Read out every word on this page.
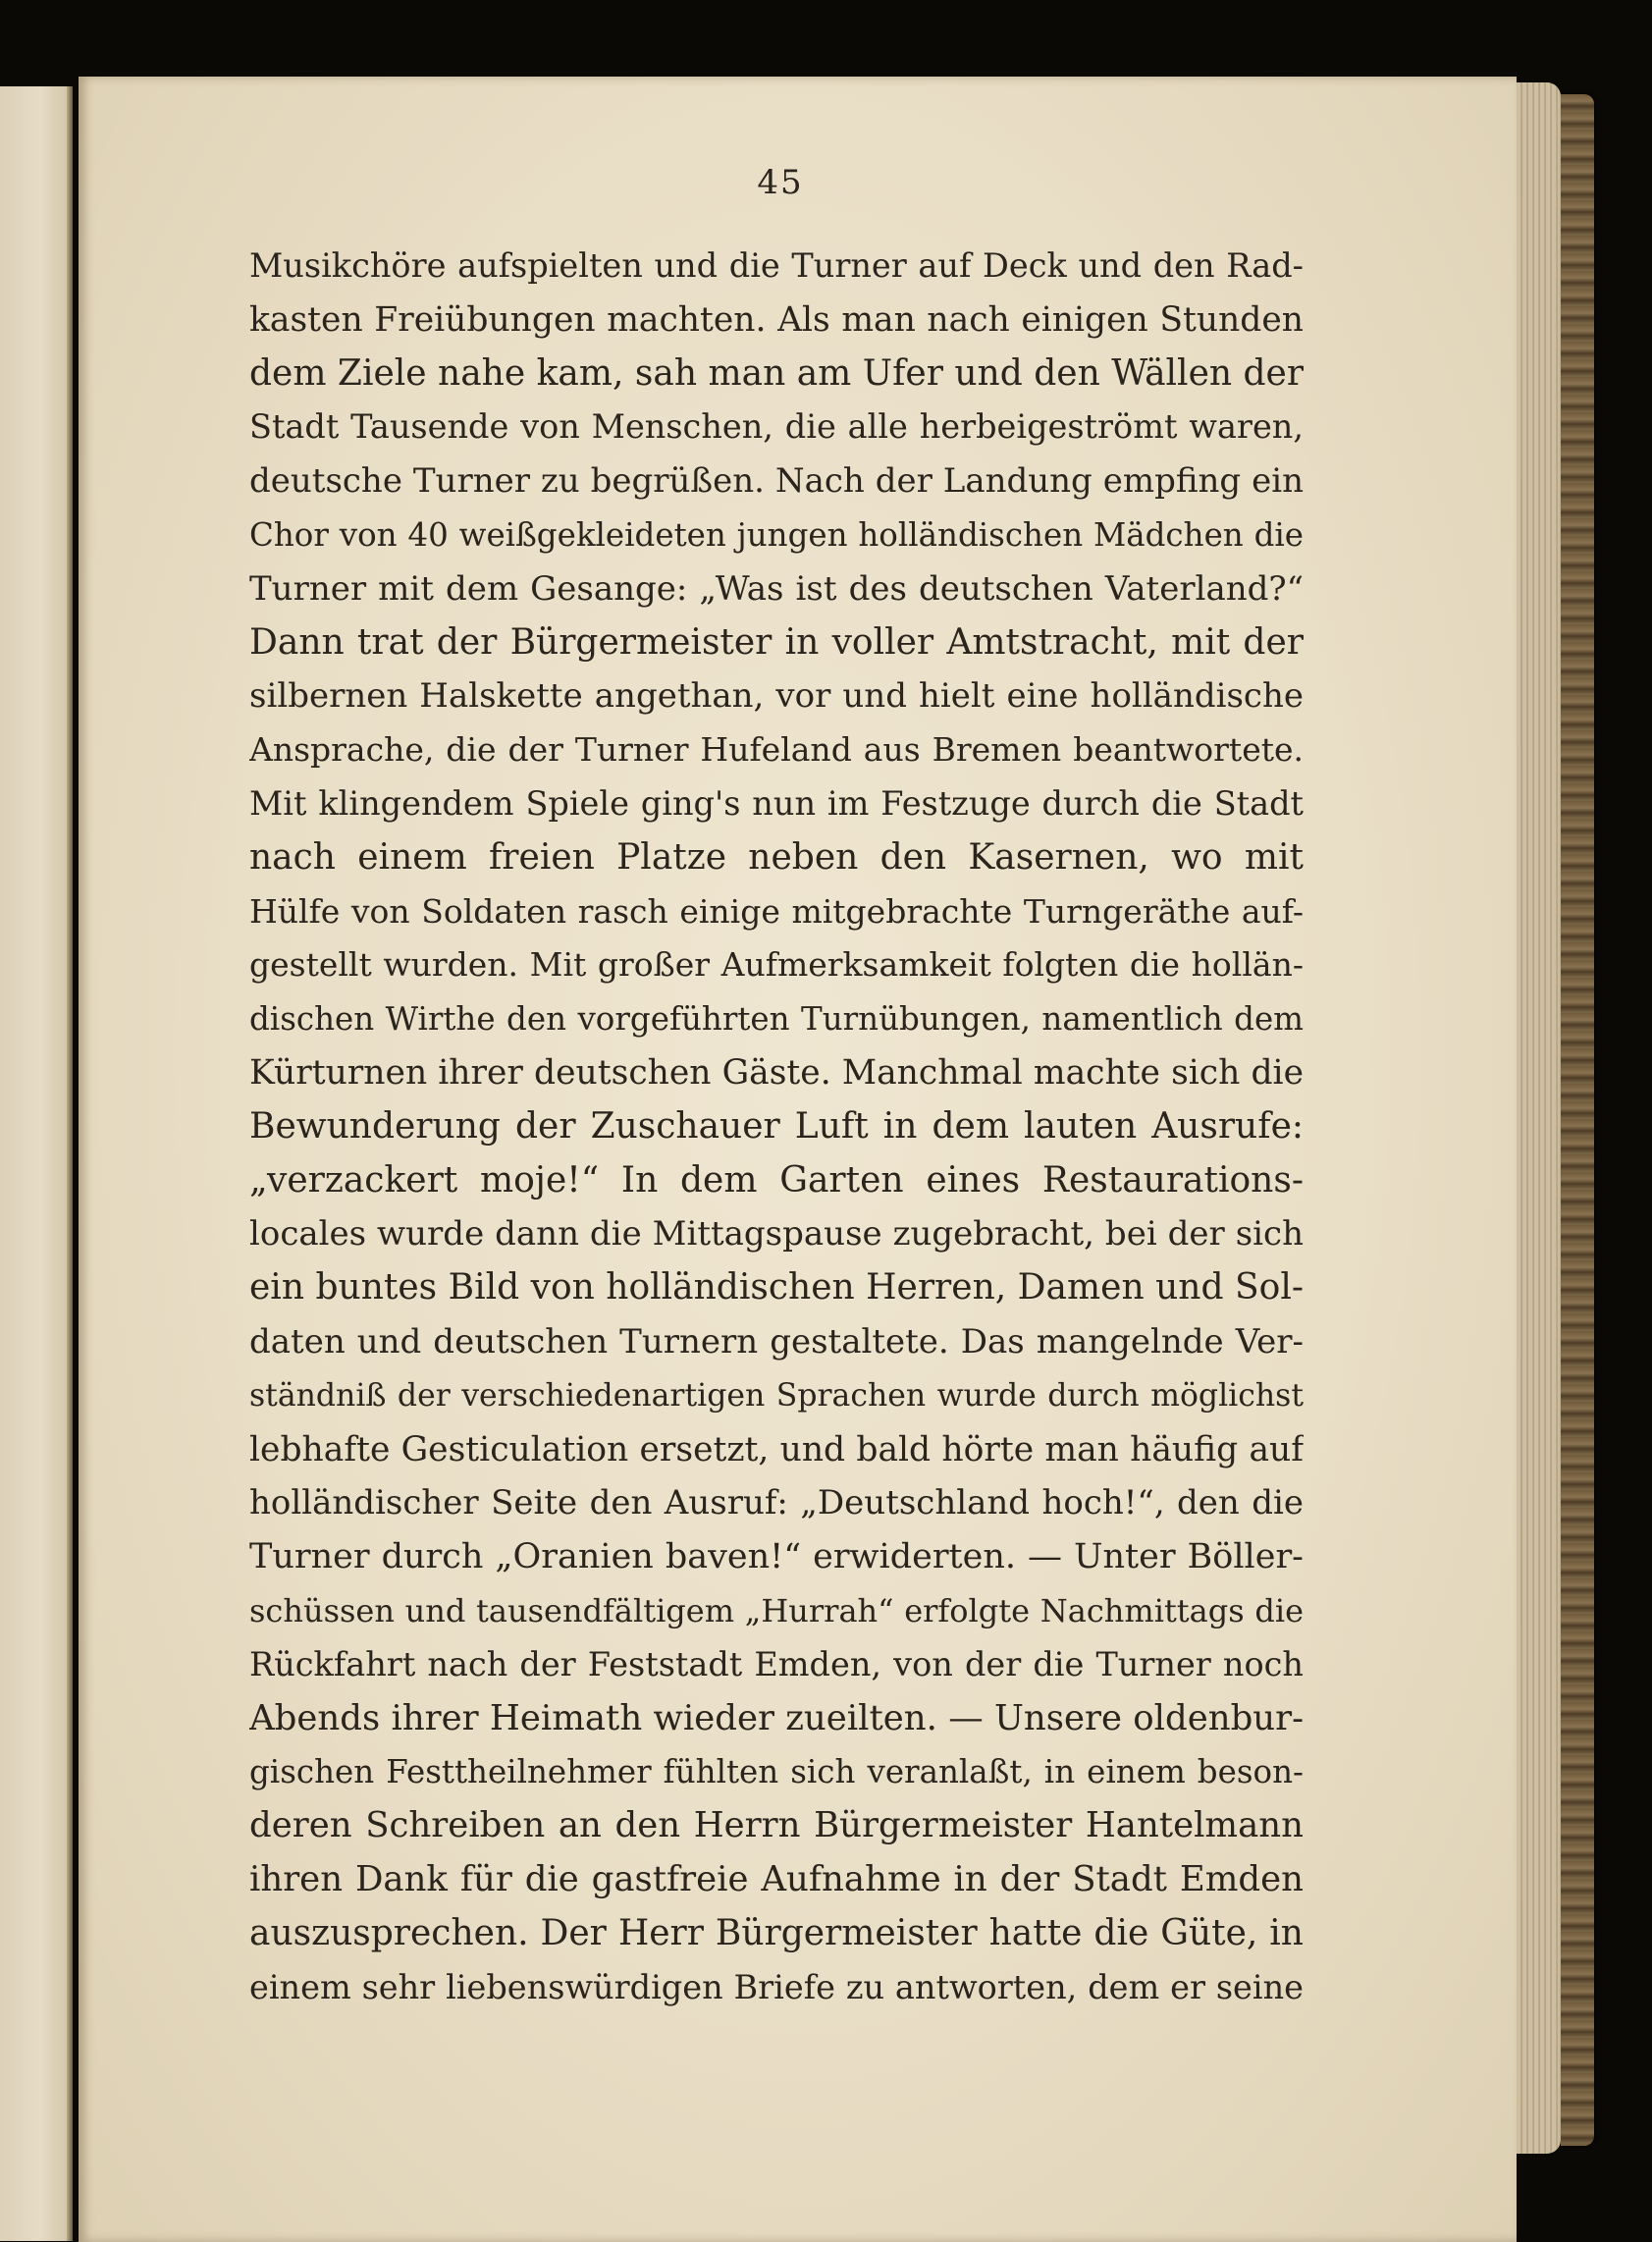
45
Musikchöre aufspielten und die Turner auf Deck und den Rad-
kasten Freiübungen machten. Als man nach einigen Stunden
dem Ziele nahe kam, sah man am Ufer und den Wällen der
Stadt Tausende von Menschen, die alle herbeigeströmt waren,
deutsche Turner zu begrüßen. Nach der Landung empfing ein
Chor von 40 weißgekleideten jungen holländischen Mädchen die
Turner mit dem Gesange: „Was ist des deutschen Vaterland?“
Dann trat der Bürgermeister in voller Amtstracht, mit der
silbernen Halskette angethan, vor und hielt eine holländische
Ansprache, die der Turner Hufeland aus Bremen beantwortete.
Mit klingendem Spiele ging's nun im Festzuge durch die Stadt
nach einem freien Platze neben den Kasernen, wo mit
Hülfe von Soldaten rasch einige mitgebrachte Turngeräthe auf-
gestellt wurden. Mit großer Aufmerksamkeit folgten die hollän-
dischen Wirthe den vorgeführten Turnübungen, namentlich dem
Kürturnen ihrer deutschen Gäste. Manchmal machte sich die
Bewunderung der Zuschauer Luft in dem lauten Ausrufe:
„verzackert moje!“ In dem Garten eines Restaurations-
locales wurde dann die Mittagspause zugebracht, bei der sich
ein buntes Bild von holländischen Herren, Damen und Sol-
daten und deutschen Turnern gestaltete. Das mangelnde Ver-
ständniß der verschiedenartigen Sprachen wurde durch möglichst
lebhafte Gesticulation ersetzt, und bald hörte man häufig auf
holländischer Seite den Ausruf: „Deutschland hoch!“, den die
Turner durch „Oranien baven!“ erwiderten. — Unter Böller-
schüssen und tausendfältigem „Hurrah“ erfolgte Nachmittags die
Rückfahrt nach der Feststadt Emden, von der die Turner noch
Abends ihrer Heimath wieder zueilten. — Unsere oldenbur-
gischen Festtheilnehmer fühlten sich veranlaßt, in einem beson-
deren Schreiben an den Herrn Bürgermeister Hantelmann
ihren Dank für die gastfreie Aufnahme in der Stadt Emden
auszusprechen. Der Herr Bürgermeister hatte die Güte, in
einem sehr liebenswürdigen Briefe zu antworten, dem er seine
